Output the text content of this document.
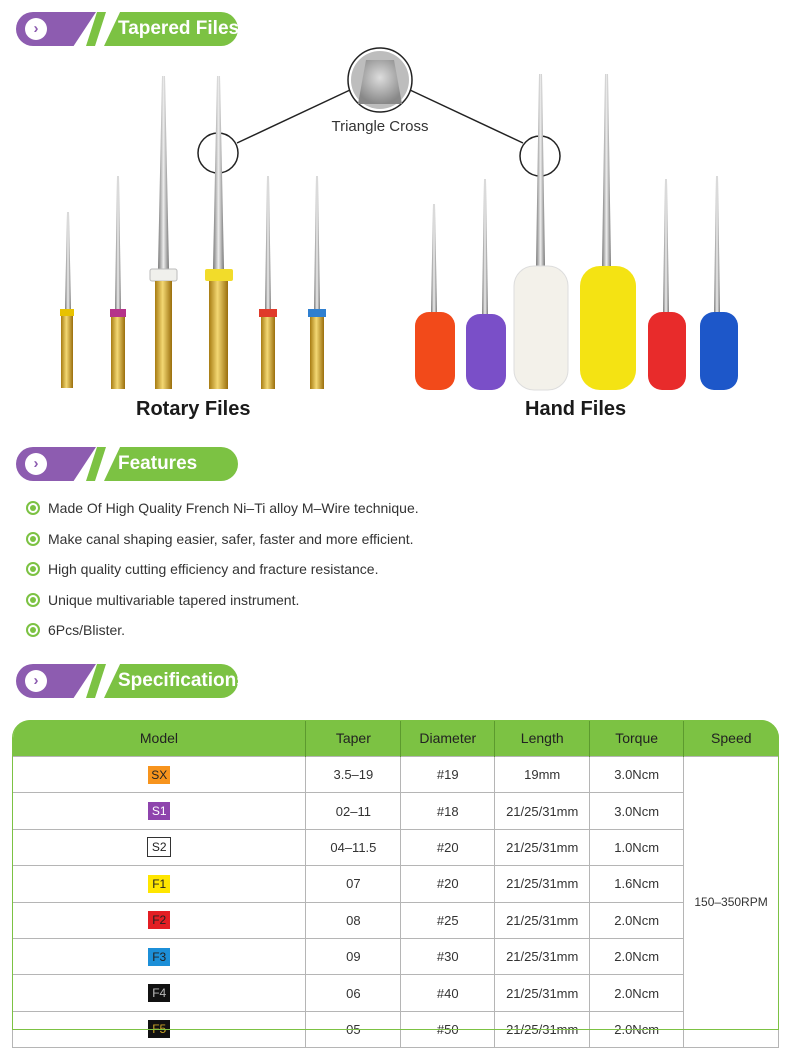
›	Tapered Files
Triangle Cross
Rotary Files	Hand Files
›	Features
Made Of High Quality French Ni–Ti alloy M–Wire technique.
Make canal shaping easier, safer, faster and more efficient.
High quality cutting efficiency and fracture resistance.
Unique multivariable tapered instrument.
6Pcs/Blister.
›	Specifications
Model	Taper	Diameter	Length	Torque	Speed
SX	3.5–19	#19	19mm	3.0Ncm	150–350RPM
S1	02–11	#18	21/25/31mm	3.0Ncm	
S2	04–11.5	#20	21/25/31mm	1.0Ncm	
F1	07	#20	21/25/31mm	1.6Ncm	
F2	08	#25	21/25/31mm	2.0Ncm	
F3	09	#30	21/25/31mm	2.0Ncm	
F4	06	#40	21/25/31mm	2.0Ncm	
F5	05	#50	21/25/31mm	2.0Ncm	
